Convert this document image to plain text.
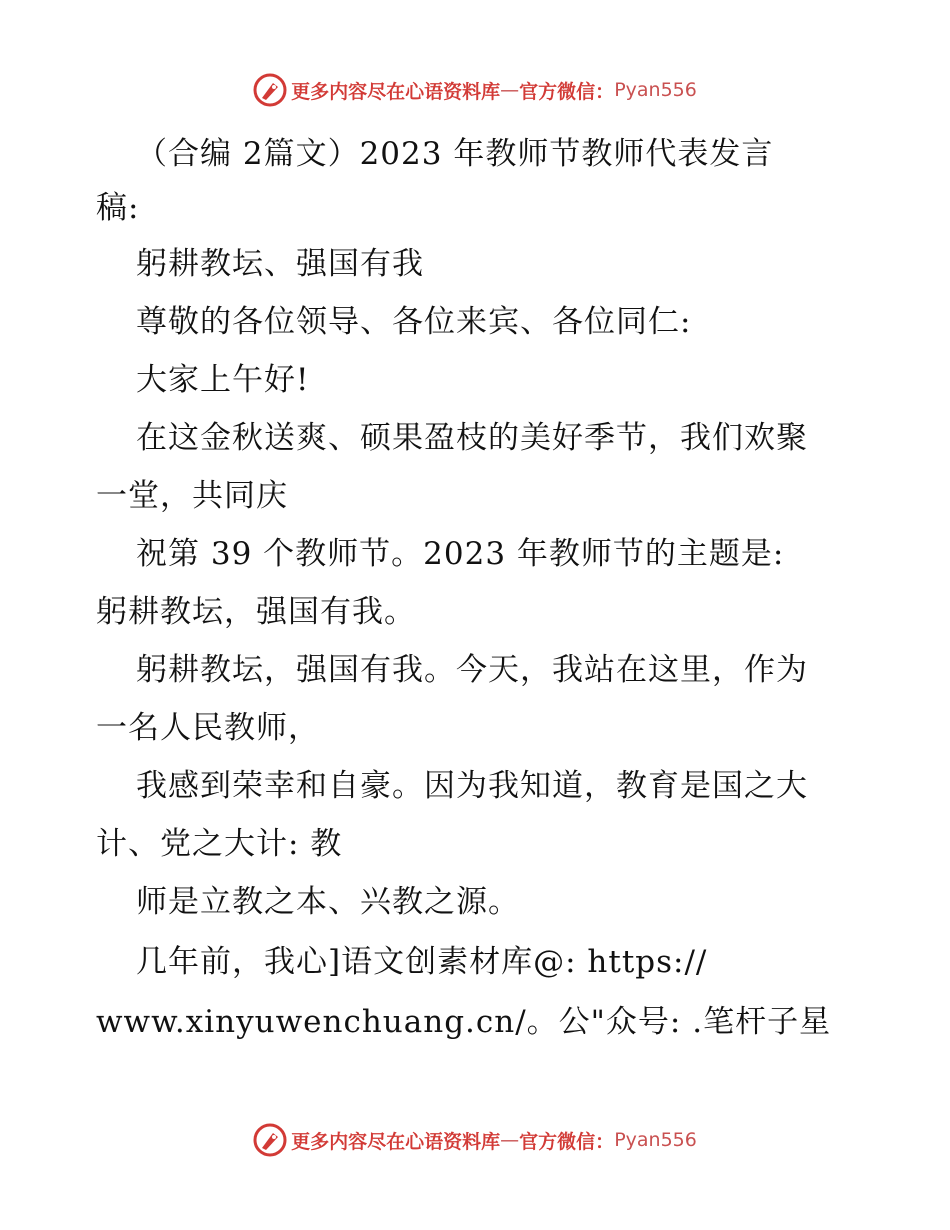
更多内容尽在心语资料库 — 官方微信： Pyan556
（合编 2篇文）2023 年教师节教师代表发言
稿:
躬耕教坛、强国有我
尊敬的各位领导、各位来宾、各位同仁:
大家上午好!
在这金秋送爽、硕果盈枝的美好季节，我们欢聚
一堂，共同庆
祝第 39 个教师节。2023 年教师节的主题是:
躬耕教坛，强国有我。
躬耕教坛，强国有我。今天，我站在这里，作为
一名人民教师，
我感到荣幸和自豪。因为我知道，教育是国之大
计、党之大计: 教
师是立教之本、兴教之源。
几年前，我心]语文创素材库@: https://
www.xinyuwenchuang.cn/。公"众号: .笔杆子星
更多内容尽在心语资料库 — 官方微信： Pyan556
